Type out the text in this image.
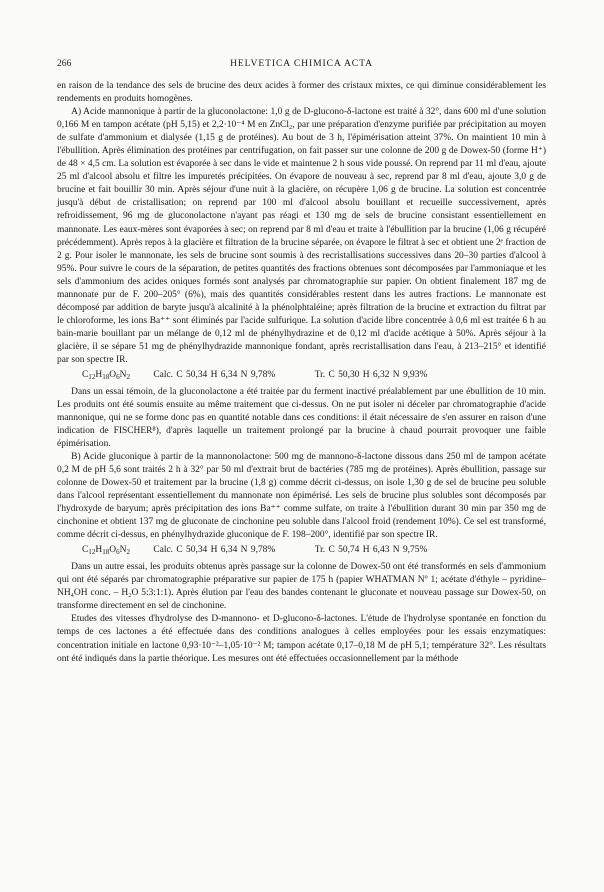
266	HELVETICA CHIMICA ACTA

en raison de la tendance des sels de brucine des deux acides à former des cristaux mixtes, ce qui diminue considérablement les rendements en produits homogènes.

A) Acide mannonique à partir de la gluconolactone: 1,0 g de D-glucono-δ-lactone est traité à 32°, dans 600 ml d'une solution 0,166 M en tampon acétate (pH 5,15) et 2,2·10⁻⁴ M en ZnCl₂, par une préparation d'enzyme purifiée par précipitation au moyen de sulfate d'ammonium et dialysée (1,15 g de protéines). Au bout de 3 h, l'épimérisation atteint 37%. On maintient 10 min à l'ébullition. Après élimination des protéines par centrifugation, on fait passer sur une colonne de 200 g de Dowex-50 (forme H⁺) de 48 × 4,5 cm. La solution est évaporée à sec dans le vide et maintenue 2 h sous vide poussé. On reprend par 11 ml d'eau, ajoute 25 ml d'alcool absolu et filtre les impuretés précipitées. On évapore de nouveau à sec, reprend par 8 ml d'eau, ajoute 3,0 g de brucine et fait bouillir 30 min. Après séjour d'une nuit à la glacière, on récupère 1,06 g de brucine. La solution est concentrée jusqu'à début de cristallisation; on reprend par 100 ml d'alcool absolu bouillant et recueille successivement, après refroidissement, 96 mg de gluconolactone n'ayant pas réagi et 130 mg de sels de brucine consistant essentiellement en mannonate. Les eaux-mères sont évaporées à sec; on reprend par 8 ml d'eau et traite à l'ébullition par la brucine (1,06 g récupéré précédemment). Après repos à la glacière et filtration de la brucine séparée, on évapore le filtrat à sec et obtient une 2ᵉ fraction de 2 g. Pour isoler le mannonate, les sels de brucine sont soumis à des recristallisations successives dans 20–30 parties d'alcool à 95%. Pour suivre le cours de la séparation, de petites quantités des fractions obtenues sont décomposées par l'ammoniaque et les sels d'ammonium des acides oniques formés sont analysés par chromatographie sur papier. On obtient finalement 187 mg de mannonate pur de F. 200–205° (6%), mais des quantités considérables restent dans les autres fractions. Le mannonate est décomposé par addition de baryte jusqu'à alcalinité à la phénolphtaléine; après filtration de la brucine et extraction du filtrat par le chloroforme, les ions Ba⁺⁺ sont éliminés par l'acide sulfurique. La solution d'acide libre concentrée à 0,6 ml est traitée 6 h au bain-marie bouillant par un mélange de 0,12 ml de phénylhydrazine et de 0,12 ml d'acide acétique à 50%. Après séjour à la glacière, il se sépare 51 mg de phénylhydrazide mannonique fondant, après recristallisation dans l'eau, à 213–215° et identifié par son spectre IR.

C12H18O6N2 Calc. C 50,34 H 6,34 N 9,78%	Tr. C 50,30 H 6,32 N 9,93%

Dans un essai témoin, de la gluconolactone a été traitée par du ferment inactivé préalablement par une ébullition de 10 min. Les produits ont été soumis ensuite au même traitement que ci-dessus. On ne put isoler ni déceler par chromatographie d'acide mannonique, qui ne se forme donc pas en quantité notable dans ces conditions: il était nécessaire de s'en assurer en raison d'une indication de FISCHER⁸), d'après laquelle un traitement prolongé par la brucine à chaud pourrait provoquer une faible épimérisation.

B) Acide gluconique à partir de la mannonolactone: 500 mg de mannono-δ-lactone dissous dans 250 ml de tampon acétate 0,2 M de pH 5,6 sont traités 2 h à 32° par 50 ml d'extrait brut de bactéries (785 mg de protéines). Après ébullition, passage sur colonne de Dowex-50 et traitement par la brucine (1,8 g) comme décrit ci-dessus, on isole 1,30 g de sel de brucine peu soluble dans l'alcool représentant essentiellement du mannonate non épimérisé. Les sels de brucine plus solubles sont décomposés par l'hydroxyde de baryum; après précipitation des ions Ba⁺⁺ comme sulfate, on traite à l'ébullition durant 30 min par 350 mg de cinchonine et obtient 137 mg de gluconate de cinchonine peu soluble dans l'alcool froid (rendement 10%). Ce sel est transformé, comme décrit ci-dessus, en phénylhydrazide gluconique de F. 198–200°, identifié par son spectre IR.

C12H18O6N2 Calc. C 50,34 H 6,34 N 9,78%	Tr. C 50,74 H 6,43 N 9,75%

Dans un autre essai, les produits obtenus après passage sur la colonne de Dowex-50 ont été transformés en sels d'ammonium qui ont été séparés par chromatographie préparative sur papier de 175 h (papier WHATMAN Nº 1; acétate d'éthyle – pyridine–NH₄OH conc. – H₂O 5:3:1:1). Après élution par l'eau des bandes contenant le gluconate et nouveau passage sur Dowex-50, on transforme directement en sel de cinchonine.

Etudes des vitesses d'hydrolyse des D-mannono- et D-glucono-δ-lactones. L'étude de l'hydrolyse spontanée en fonction du temps de ces lactones a été effectuée dans des conditions analogues à celles employées pour les essais enzymatiques: concentration initiale en lactone 0,93·10⁻²–1,05·10⁻² M; tampon acétate 0,17–0,18 M de pH 5,1; température 32°. Les résultats ont été indiqués dans la partie théorique. Les mesures ont été effectuées occasionnellement par la méthode
